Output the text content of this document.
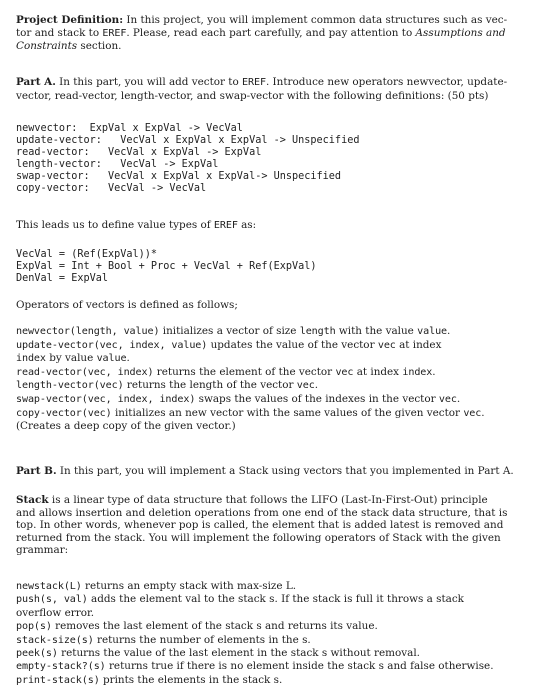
Project Definition: In this project, you will implement common data structures such as vec-
tor and stack to EREF. Please, read each part carefully, and pay attention to Assumptions and
Constraints section.

Part A. In this part, you will add vector to EREF. Introduce new operators newvector, update-
vector, read-vector, length-vector, and swap-vector with the following definitions: (50 pts)

newvector:  ExpVal x ExpVal -> VecVal
update-vector:   VecVal x ExpVal x ExpVal -> Unspecified
read-vector:   VecVal x ExpVal -> ExpVal
length-vector:   VecVal -> ExpVal
swap-vector:   VecVal x ExpVal x ExpVal-> Unspecified
copy-vector:   VecVal -> VecVal

This leads us to define value types of EREF as:

VecVal = (Ref(ExpVal))*
ExpVal = Int + Bool + Proc + VecVal + Ref(ExpVal)
DenVal = ExpVal

Operators of vectors is defined as follows;

newvector(length, value) initializes a vector of size length with the value value.
update-vector(vec, index, value) updates the value of the vector vec at index
index by value value.
read-vector(vec, index) returns the element of the vector vec at index index.
length-vector(vec) returns the length of the vector vec.
swap-vector(vec, index, index) swaps the values of the indexes in the vector vec.
copy-vector(vec) initializes an new vector with the same values of the given vector vec.
(Creates a deep copy of the given vector.)

Part B. In this part, you will implement a Stack using vectors that you implemented in Part A.

Stack is a linear type of data structure that follows the LIFO (Last-In-First-Out) principle
and allows insertion and deletion operations from one end of the stack data structure, that is
top. In other words, whenever pop is called, the element that is added latest is removed and
returned from the stack. You will implement the following operators of Stack with the given
grammar:

newstack(L) returns an empty stack with max-size L.
push(s, val) adds the element val to the stack s. If the stack is full it throws a stack
overflow error.
pop(s) removes the last element of the stack s and returns its value.
stack-size(s) returns the number of elements in the s.
peek(s) returns the value of the last element in the stack s without removal.
empty-stack?(s) returns true if there is no element inside the stack s and false otherwise.
print-stack(s) prints the elements in the stack s.
